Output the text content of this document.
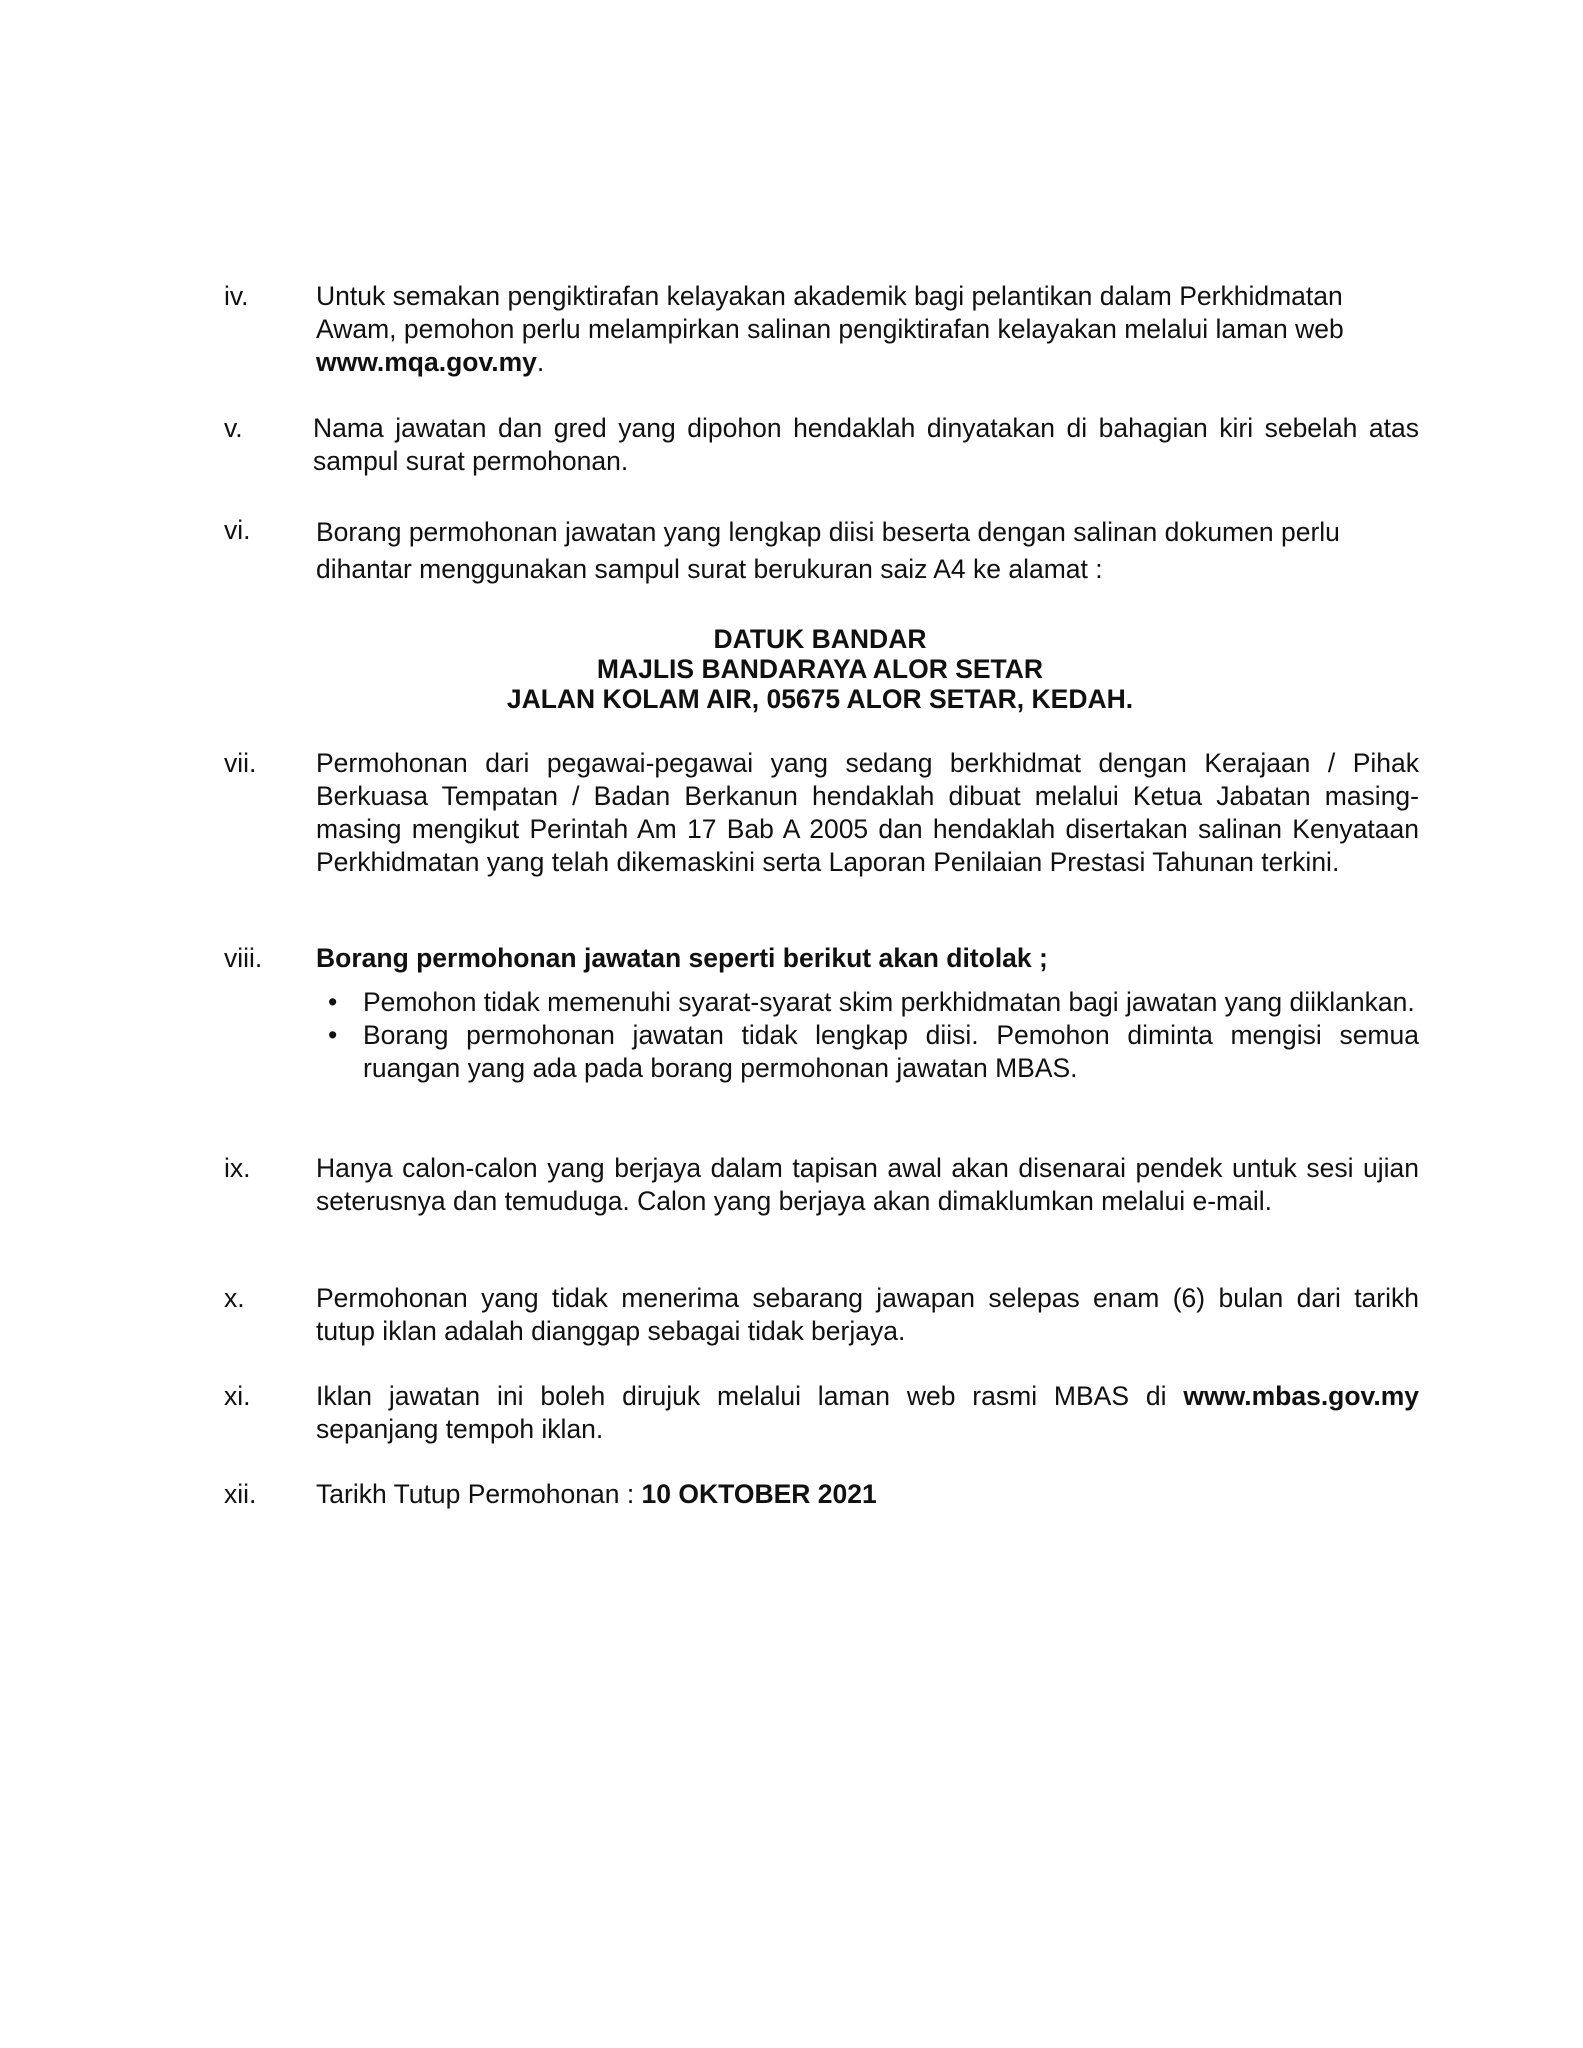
iv.	Untuk semakan pengiktirafan kelayakan akademik bagi pelantikan dalam Perkhidmatan Awam, pemohon perlu melampirkan salinan pengiktirafan kelayakan melalui laman web www.mqa.gov.my.
v.	Nama jawatan dan gred yang dipohon hendaklah dinyatakan di bahagian kiri sebelah atas sampul surat permohonan.
vi. Borang permohonan jawatan yang lengkap diisi beserta dengan salinan dokumen perlu dihantar menggunakan sampul surat berukuran saiz A4 ke alamat :
DATUK BANDAR
MAJLIS BANDARAYA ALOR SETAR
JALAN KOLAM AIR, 05675 ALOR SETAR, KEDAH.
vii. Permohonan dari pegawai-pegawai yang sedang berkhidmat dengan Kerajaan / Pihak Berkuasa Tempatan / Badan Berkanun hendaklah dibuat melalui Ketua Jabatan masing-masing mengikut Perintah Am 17 Bab A 2005 dan hendaklah disertakan salinan Kenyataan Perkhidmatan yang telah dikemaskini serta Laporan Penilaian Prestasi Tahunan terkini.
viii. Borang permohonan jawatan seperti berikut akan ditolak ;
• Pemohon tidak memenuhi syarat-syarat skim perkhidmatan bagi jawatan yang diiklankan.
• Borang permohonan jawatan tidak lengkap diisi. Pemohon diminta mengisi semua ruangan yang ada pada borang permohonan jawatan MBAS.
ix. Hanya calon-calon yang berjaya dalam tapisan awal akan disenarai pendek untuk sesi ujian seterusnya dan temuduga. Calon yang berjaya akan dimaklumkan melalui e-mail.
x.	Permohonan yang tidak menerima sebarang jawapan selepas enam (6) bulan dari tarikh tutup iklan adalah dianggap sebagai tidak berjaya.
xi. Iklan jawatan ini boleh dirujuk melalui laman web rasmi MBAS di www.mbas.gov.my sepanjang tempoh iklan.
xii. Tarikh Tutup Permohonan : 10 OKTOBER 2021
